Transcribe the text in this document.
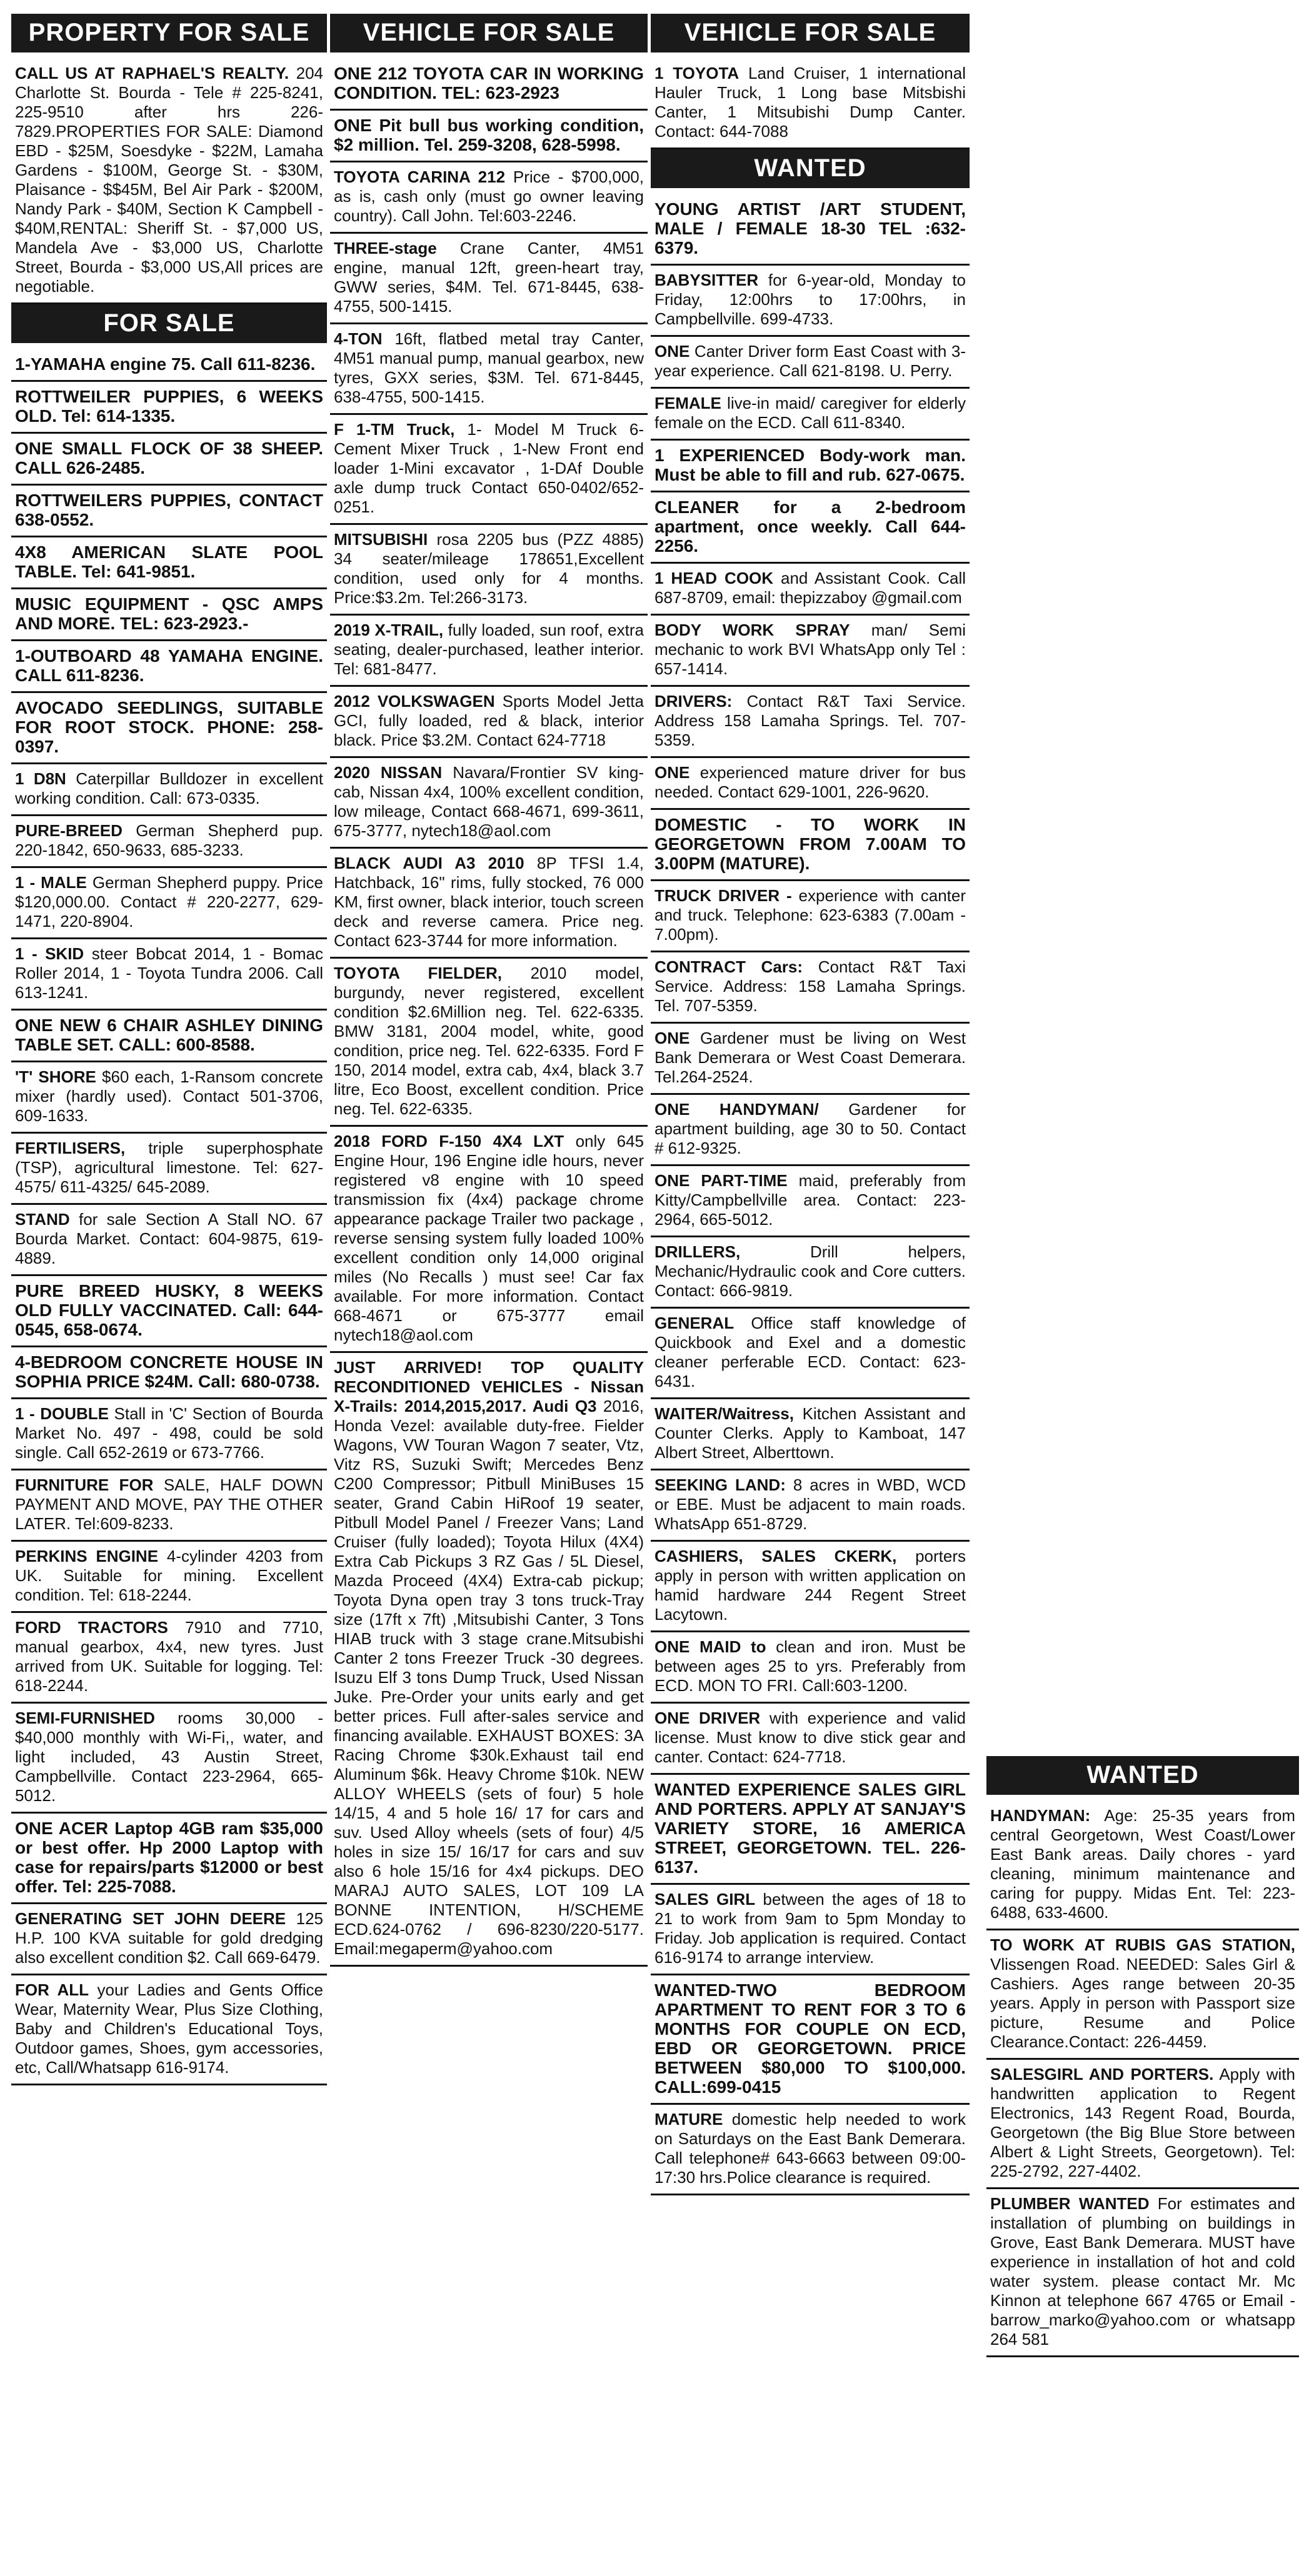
PROPERTY FOR SALE
CALL US AT RAPHAEL'S REALTY. 204 Charlotte St. Bourda - Tele # 225-8241, 225-9510 after hrs 226-7829.PROPERTIES FOR SALE: Diamond EBD - $25M, Soesdyke - $22M, Lamaha Gardens - $100M, George St. - $30M, Plaisance - $$45M, Bel Air Park - $200M, Nandy Park - $40M, Section K Campbell - $40M,RENTAL: Sheriff St. - $7,000 US, Mandela Ave - $3,000 US, Charlotte Street, Bourda - $3,000 US,All prices are negotiable.
FOR SALE
1-YAMAHA engine 75. Call 611-8236.
ROTTWEILER PUPPIES, 6 WEEKS OLD. Tel: 614-1335.
ONE SMALL FLOCK OF 38 SHEEP. CALL 626-2485.
ROTTWEILERS PUPPIES, CONTACT 638-0552.
4X8 AMERICAN SLATE POOL TABLE. Tel: 641-9851.
MUSIC EQUIPMENT - QSC AMPS AND MORE. TEL: 623-2923.-
1-OUTBOARD 48 YAMAHA ENGINE. CALL 611-8236.
AVOCADO SEEDLINGS, SUITABLE FOR ROOT STOCK. PHONE: 258-0397.
1 D8N Caterpillar Bulldozer in excellent working condition. Call: 673-0335.
PURE-BREED German Shepherd pup. 220-1842, 650-9633, 685-3233.
1 - MALE German Shepherd puppy. Price $120,000.00. Contact # 220-2277, 629-1471, 220-8904.
1 - SKID steer Bobcat 2014, 1 - Bomac Roller 2014, 1 - Toyota Tundra 2006. Call 613-1241.
ONE NEW 6 CHAIR ASHLEY DINING TABLE SET. CALL: 600-8588.
'T' SHORE $60 each, 1-Ransom concrete mixer (hardly used). Contact 501-3706, 609-1633.
FERTILISERS, triple superphosphate (TSP), agricultural limestone. Tel: 627-4575/ 611-4325/ 645-2089.
STAND for sale Section A Stall NO. 67 Bourda Market. Contact: 604-9875, 619-4889.
PURE BREED HUSKY, 8 WEEKS OLD FULLY VACCINATED. Call: 644-0545, 658-0674.
4-BEDROOM CONCRETE HOUSE IN SOPHIA PRICE $24M. Call: 680-0738.
1 - DOUBLE Stall in 'C' Section of Bourda Market No. 497 - 498, could be sold single. Call 652-2619 or 673-7766.
FURNITURE FOR SALE, HALF DOWN PAYMENT AND MOVE, PAY THE OTHER LATER. Tel:609-8233.
PERKINS ENGINE 4-cylinder 4203 from UK. Suitable for mining. Excellent condition. Tel: 618-2244.
FORD TRACTORS 7910 and 7710, manual gearbox, 4x4, new tyres. Just arrived from UK. Suitable for logging. Tel: 618-2244.
SEMI-FURNISHED rooms 30,000 - $40,000 monthly with Wi-Fi,, water, and light included, 43 Austin Street, Campbellville. Contact 223-2964, 665-5012.
ONE ACER Laptop 4GB ram $35,000 or best offer. Hp 2000 Laptop with case for repairs/parts $12000 or best offer. Tel: 225-7088.
GENERATING SET JOHN DEERE 125 H.P. 100 KVA suitable for gold dredging also excellent condition $2. Call 669-6479.
FOR ALL your Ladies and Gents Office Wear, Maternity Wear, Plus Size Clothing, Baby and Children's Educational Toys, Outdoor games, Shoes, gym accessories, etc, Call/Whatsapp 616-9174.
VEHICLE FOR SALE
ONE 212 TOYOTA CAR IN WORKING CONDITION. TEL: 623-2923
ONE Pit bull bus working condition, $2 million. Tel. 259-3208, 628-5998.
TOYOTA CARINA 212 Price - $700,000, as is, cash only (must go owner leaving country). Call John. Tel:603-2246.
THREE-stage Crane Canter, 4M51 engine, manual 12ft, green-heart tray, GWW series, $4M. Tel. 671-8445, 638-4755, 500-1415.
4-TON 16ft, flatbed metal tray Canter, 4M51 manual pump, manual gearbox, new tyres, GXX series, $3M. Tel. 671-8445, 638-4755, 500-1415.
F 1-TM Truck, 1- Model M Truck 6-Cement Mixer Truck , 1-New Front end loader 1-Mini excavator , 1-DAf Double axle dump truck Contact 650-0402/652-0251.
MITSUBISHI rosa 2205 bus (PZZ 4885) 34 seater/mileage 178651,Excellent condition, used only for 4 months. Price:$3.2m. Tel:266-3173.
2019 X-TRAIL, fully loaded, sun roof, extra seating, dealer-purchased, leather interior. Tel: 681-8477.
2012 VOLKSWAGEN Sports Model Jetta GCI, fully loaded, red & black, interior black. Price $3.2M. Contact 624-7718
2020 NISSAN Navara/Frontier SV king-cab, Nissan 4x4, 100% excellent condition, low mileage, Contact 668-4671, 699-3611, 675-3777, nytech18@aol.com
BLACK AUDI A3 2010 8P TFSI 1.4, Hatchback, 16" rims, fully stocked, 76 000 KM, first owner, black interior, touch screen deck and reverse camera. Price neg. Contact 623-3744 for more information.
TOYOTA FIELDER, 2010 model, burgundy, never registered, excellent condition $2.6Million neg. Tel. 622-6335. BMW 3181, 2004 model, white, good condition, price neg. Tel. 622-6335. Ford F 150, 2014 model, extra cab, 4x4, black 3.7 litre, Eco Boost, excellent condition. Price neg. Tel. 622-6335.
2018 FORD F-150 4X4 LXT only 645 Engine Hour, 196 Engine idle hours, never registered v8 engine with 10 speed transmission fix (4x4) package chrome appearance package Trailer two package , reverse sensing system fully loaded 100% excellent condition only 14,000 original miles (No Recalls ) must see! Car fax available. For more information. Contact 668-4671 or 675-3777 email nytech18@aol.com
JUST ARRIVED! TOP QUALITY RECONDITIONED VEHICLES - Nissan X-Trails: 2014,2015,2017. Audi Q3 2016, Honda Vezel: available duty-free. Fielder Wagons, VW Touran Wagon 7 seater, Vtz, Vitz RS, Suzuki Swift; Mercedes Benz C200 Compressor; Pitbull MiniBuses 15 seater, Grand Cabin HiRoof 19 seater, Pitbull Model Panel / Freezer Vans; Land Cruiser (fully loaded); Toyota Hilux (4X4) Extra Cab Pickups 3 RZ Gas / 5L Diesel, Mazda Proceed (4X4) Extra-cab pickup; Toyota Dyna open tray 3 tons truck-Tray size (17ft x 7ft) ,Mitsubishi Canter, 3 Tons HIAB truck with 3 stage crane.Mitsubishi Canter 2 tons Freezer Truck -30 degrees. Isuzu Elf 3 tons Dump Truck, Used Nissan Juke. Pre-Order your units early and get better prices. Full after-sales service and financing available. EXHAUST BOXES: 3A Racing Chrome $30k.Exhaust tail end Aluminum $6k. Heavy Chrome $10k. NEW ALLOY WHEELS (sets of four) 5 hole 14/15, 4 and 5 hole 16/ 17 for cars and suv. Used Alloy wheels (sets of four) 4/5 holes in size 15/ 16/17 for cars and suv also 6 hole 15/16 for 4x4 pickups. DEO MARAJ AUTO SALES, LOT 109 LA BONNE INTENTION, H/SCHEME ECD.624-0762 / 696-8230/220-5177. Email:megaperm@yahoo.com
VEHICLE FOR SALE
1 TOYOTA Land Cruiser, 1 international Hauler Truck, 1 Long base Mitsbishi Canter, 1 Mitsubishi Dump Canter. Contact: 644-7088
WANTED
YOUNG ARTIST /ART STUDENT, MALE / FEMALE 18-30 TEL :632-6379.
BABYSITTER for 6-year-old, Monday to Friday, 12:00hrs to 17:00hrs, in Campbellville. 699-4733.
ONE Canter Driver form East Coast with 3-year experience. Call 621-8198. U. Perry.
FEMALE live-in maid/ caregiver for elderly female on the ECD. Call 611-8340.
1 EXPERIENCED Body-work man. Must be able to fill and rub. 627-0675.
CLEANER for a 2-bedroom apartment, once weekly. Call 644-2256.
1 HEAD COOK and Assistant Cook. Call 687-8709, email: thepizzaboy @gmail.com
BODY WORK SPRAY man/ Semi mechanic to work BVI WhatsApp only Tel : 657-1414.
DRIVERS: Contact R&T Taxi Service. Address 158 Lamaha Springs. Tel. 707-5359.
ONE experienced mature driver for bus needed. Contact 629-1001, 226-9620.
DOMESTIC - TO WORK IN GEORGETOWN FROM 7.00AM TO 3.00PM (MATURE).
TRUCK DRIVER - experience with canter and truck. Telephone: 623-6383 (7.00am - 7.00pm).
CONTRACT Cars: Contact R&T Taxi Service. Address: 158 Lamaha Springs. Tel. 707-5359.
ONE Gardener must be living on West Bank Demerara or West Coast Demerara. Tel.264-2524.
ONE HANDYMAN/ Gardener for apartment building, age 30 to 50. Contact # 612-9325.
ONE PART-TIME maid, preferably from Kitty/Campbellville area. Contact: 223-2964, 665-5012.
DRILLERS,	Drill helpers, Mechanic/Hydraulic cook and Core cutters. Contact: 666-9819.
GENERAL Office staff knowledge of Quickbook and Exel and a domestic cleaner perferable ECD. Contact: 623-6431.
WAITER/Waitress, Kitchen Assistant and Counter Clerks. Apply to Kamboat, 147 Albert Street, Alberttown.
SEEKING LAND: 8 acres in WBD, WCD or EBE. Must be adjacent to main roads. WhatsApp 651-8729.
CASHIERS, SALES CKERK, porters apply in person with written application on hamid hardware 244 Regent Street Lacytown.
ONE MAID to clean and iron. Must be between ages 25 to yrs. Preferably from ECD. MON TO FRI. Call:603-1200.
ONE DRIVER with experience and valid license. Must know to dive stick gear and canter. Contact: 624-7718.
WANTED EXPERIENCE SALES GIRL AND PORTERS. APPLY AT SANJAY'S VARIETY STORE, 16 AMERICA STREET, GEORGETOWN. TEL. 226-6137.
SALES GIRL between the ages of 18 to 21 to work from 9am to 5pm Monday to Friday. Job application is required. Contact 616-9174 to arrange interview.
WANTED-TWO BEDROOM APARTMENT TO RENT FOR 3 TO 6 MONTHS FOR COUPLE ON ECD, EBD OR GEORGETOWN. PRICE BETWEEN $80,000 TO $100,000. CALL:699-0415
MATURE domestic help needed to work on Saturdays on the East Bank Demerara. Call telephone# 643-6663 between 09:00-17:30 hrs.Police clearance is required.
WANTED
HANDYMAN: Age: 25-35 years from central Georgetown, West Coast/Lower East Bank areas. Daily chores - yard cleaning, minimum maintenance and caring for puppy. Midas Ent. Tel: 223-6488, 633-4600.
TO WORK AT RUBIS GAS STATION,Vlissengen Road. NEEDED: Sales Girl & Cashiers. Ages range between 20-35 years. Apply in person with Passport size picture, Resume and Police Clearance.Contact: 226-4459.
SALESGIRL AND PORTERS. Apply with handwritten application to Regent Electronics, 143 Regent Road, Bourda, Georgetown (the Big Blue Store between Albert & Light Streets, Georgetown). Tel: 225-2792, 227-4402.
PLUMBER WANTED For estimates and installation of plumbing on buildings in Grove, East Bank Demerara. MUST have experience in installation of hot and cold water system. please contact Mr. Mc Kinnon at telephone 667 4765 or Email - barrow_marko@yahoo.com or whatsapp 264 581
